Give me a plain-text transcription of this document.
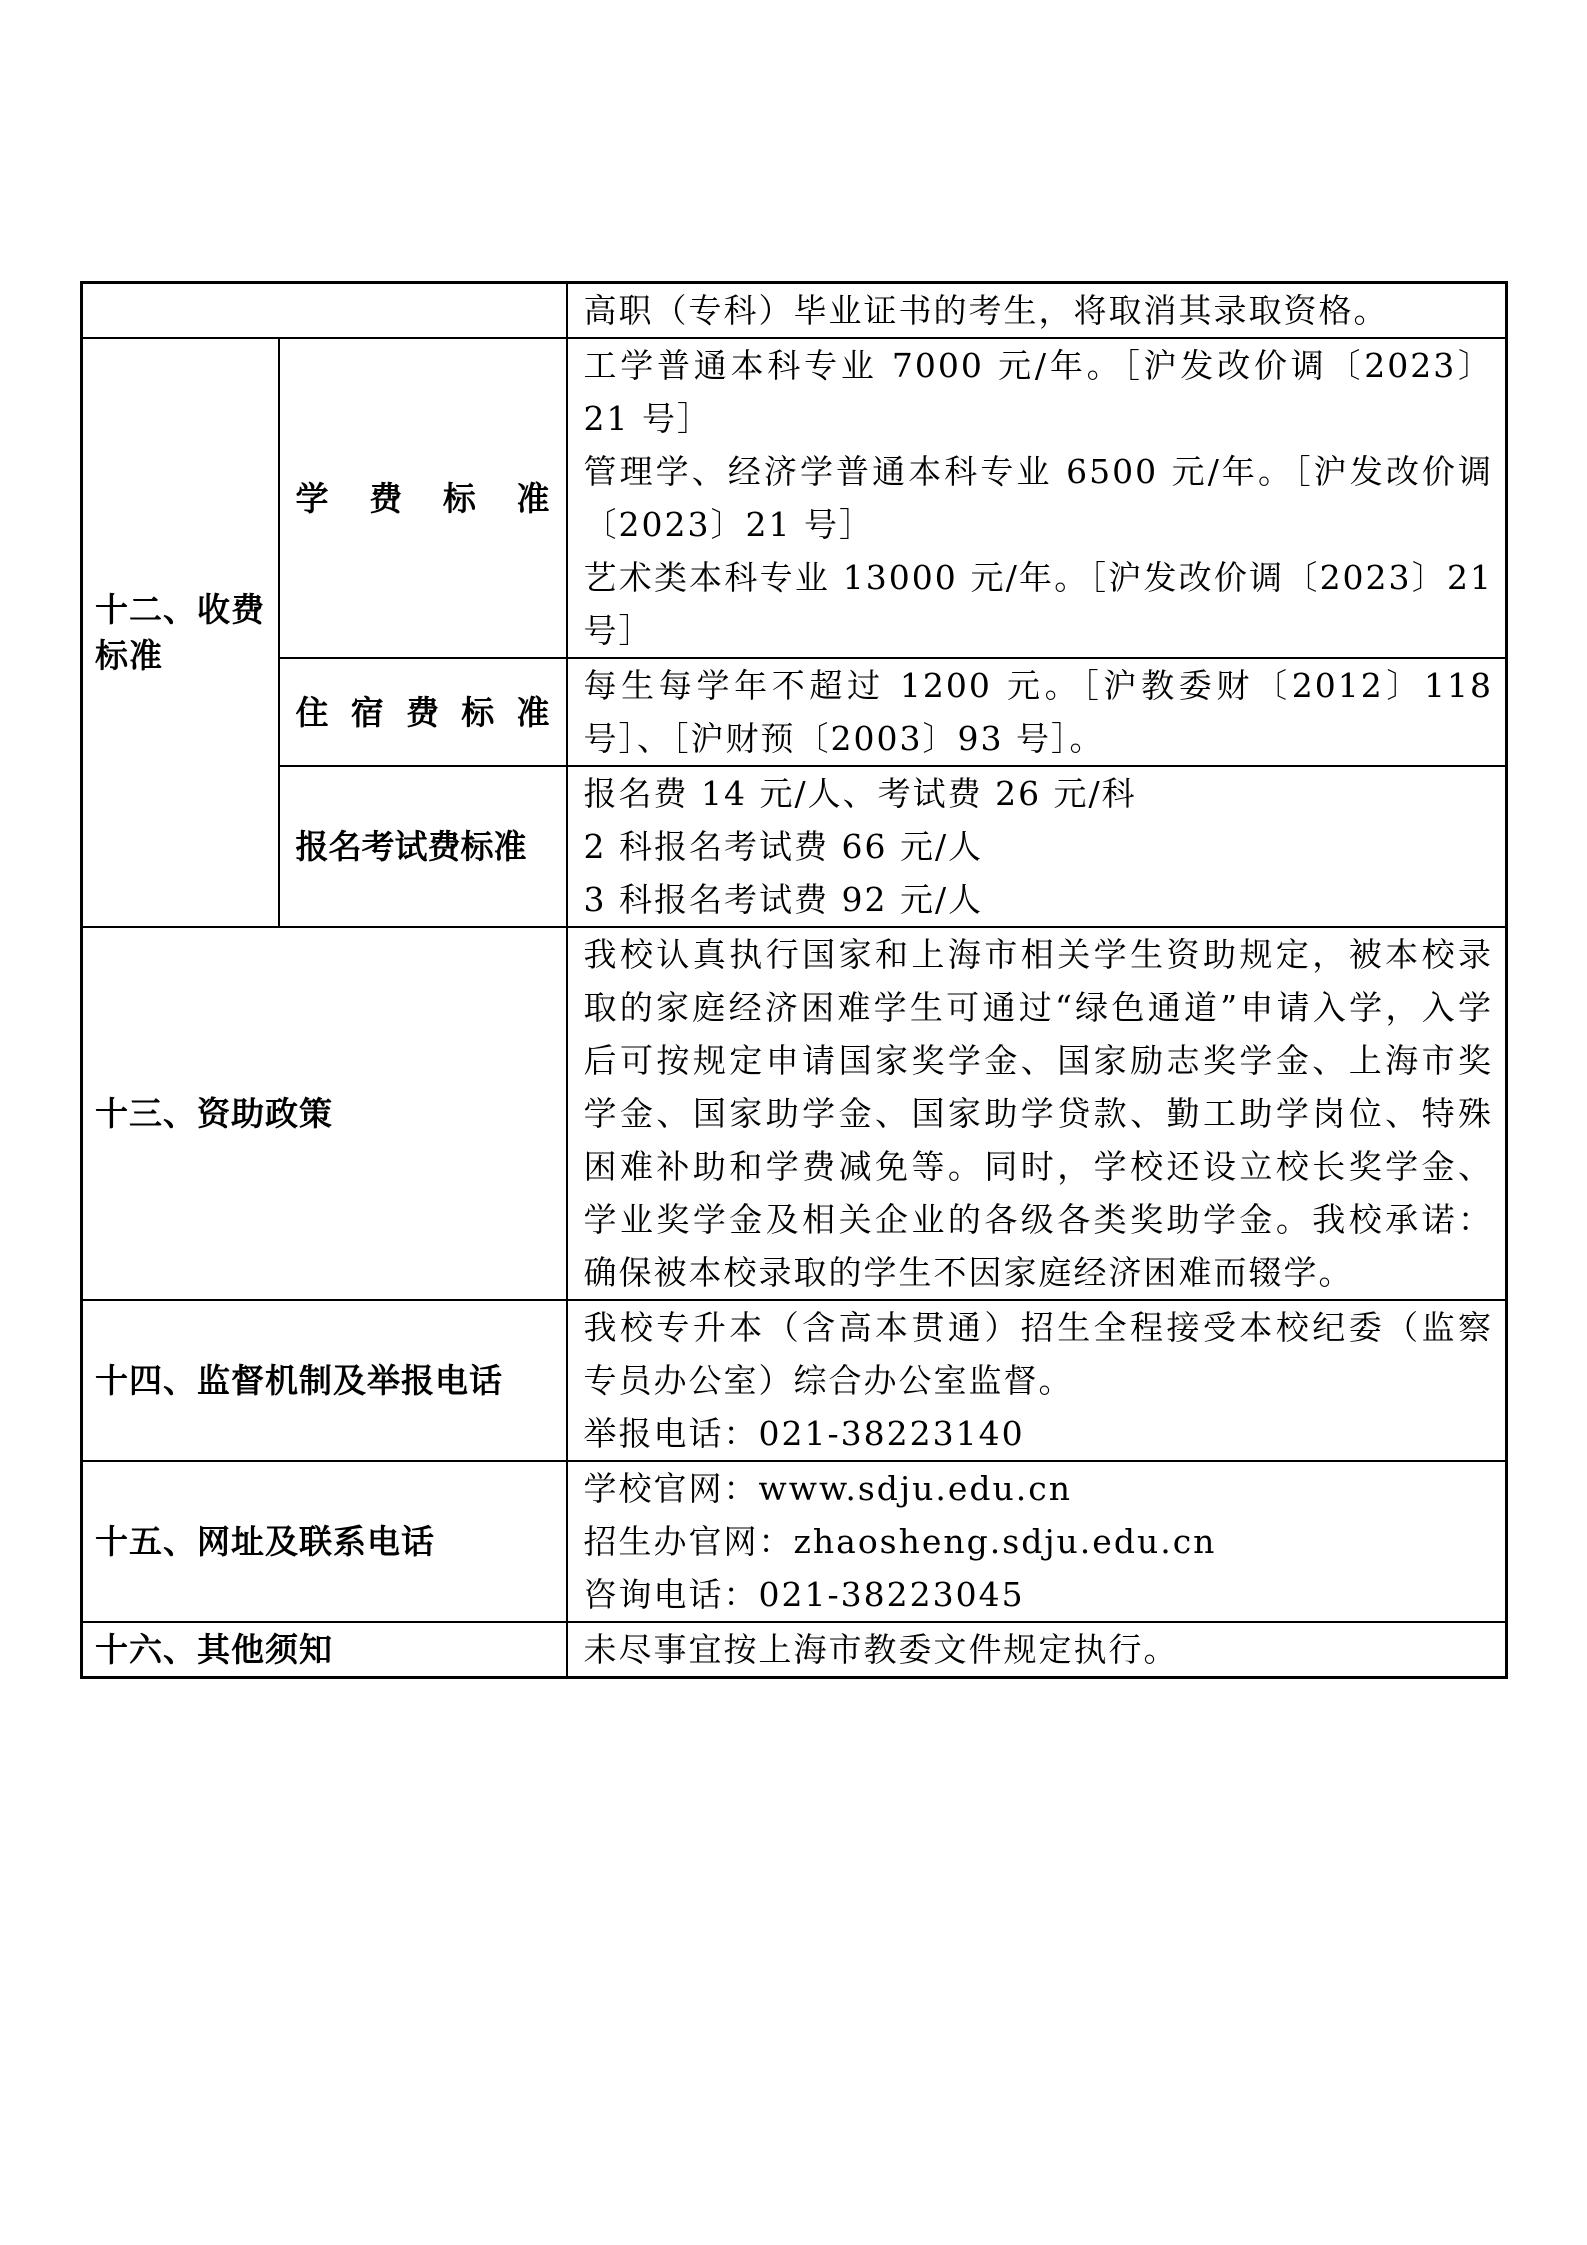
		高职（专科）毕业证书的考生，将取消其录取资格。
十二、收费标准	学 费 标 准	工学普通本科专业 7000 元/年。［沪发改价调〔2023〕21 号］
管理学、经济学普通本科专业 6500 元/年。［沪发改价调〔2023〕21 号］
艺术类本科专业 13000 元/年。［沪发改价调〔2023〕21 号］

	住 宿 费 标 准	每生每学年不超过 1200 元。［沪教委财〔2012〕118 号］、［沪财预〔2003〕93 号］。
	报名考试费标准	报名费 14 元/人、考试费 26 元/科
2 科报名考试费 66 元/人
3 科报名考试费 92 元/人

十三、资助政策		我校认真执行国家和上海市相关学生资助规定，被本校录取的家庭经济困难学生可通过“绿色通道”申请入学，入学后可按规定申请国家奖学金、国家励志奖学金、上海市奖学金、国家助学金、国家助学贷款、勤工助学岗位、特殊困难补助和学费减免等。同时，学校还设立校长奖学金、学业奖学金及相关企业的各级各类奖助学金。我校承诺：确保被本校录取的学生不因家庭经济困难而辍学。
十四、监督机制及举报电话		我校专升本（含高本贯通）招生全程接受本校纪委（监察专员办公室）综合办公室监督。
举报电话：021-38223140

十五、网址及联系电话		学校官网：www.sdju.edu.cn
招生办官网：zhaosheng.sdju.edu.cn
咨询电话：021-38223045

十六、其他须知		未尽事宜按上海市教委文件规定执行。
